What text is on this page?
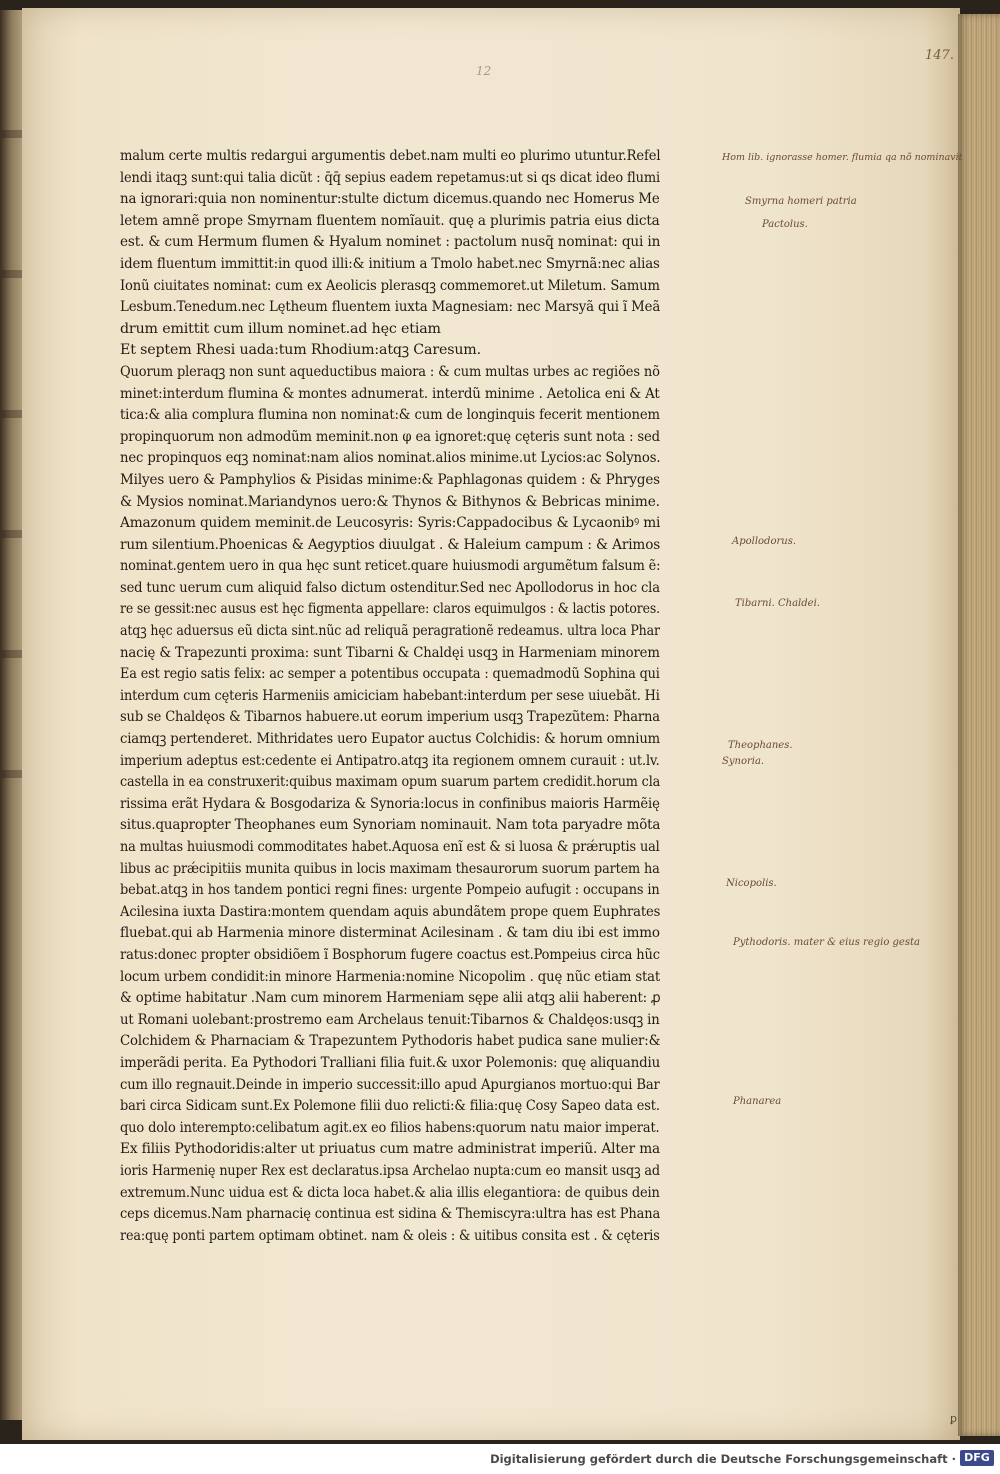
147.
12
malum certe multis redargui argumentis debet.nam multi eo plurimo utuntur.Refel
lendi itaqꝫ sunt:qui talia dicũt : q̄q̄ sepius eadem repetamus:ut si qs dicat ideo flumi
na ignorari:quia non nominentur:stulte dictum dicemus.quando nec Homerus Me
letem amnẽ prope Smyrnam fluentem nomĩauit. quę a plurimis patria eius dicta
est. & cum Hermum flumen & Hyalum nominet : pactolum nusq̄ nominat: qui in
idem fluentum immittit:in quod illi:& initium a Tmolo habet.nec Smyrnã:nec alias
Ionũ ciuitates nominat: cum ex Aeolicis plerasqꝫ commemoret.ut Miletum. Samum
Lesbum.Tenedum.nec Lętheum fluentem iuxta Magnesiam: nec Marsyã qui ĩ Meã
drum emittit cum illum nominet.ad hęc etiam
Et septem Rhesi uada:tum Rhodium:atqꝫ Caresum.
Quorum pleraqꝫ non sunt aqueductibus maiora : & cum multas urbes ac regiões nõ
minet:interdum flumina & montes adnumerat. interdũ minime . Aetolica eni & At
tica:& alia complura flumina non nominat:& cum de longinquis fecerit mentionem
propinquorum non admodũm meminit.non φ ea ignoret:quę cęteris sunt nota : sed
nec propinquos eqꝫ nominat:nam alios nominat.alios minime.ut Lycios:ac Solynos.
Milyes uero & Pamphylios & Pisidas minime:& Paphlagonas quidem : & Phryges
& Mysios nominat.Mariandynos uero:& Thynos & Bithynos & Bebricas minime.
Amazonum quidem meminit.de Leucosyris: Syris:Cappadocibus & Lycaonibꝰ mi
rum silentium.Phoenicas & Aegyptios diuulgat . & Haleium campum : & Arimos
nominat.gentem uero in qua hęc sunt reticet.quare huiusmodi argumẽtum falsum ẽ:
sed tunc uerum cum aliquid falso dictum ostenditur.Sed nec Apollodorus in hoc cla
re se gessit:nec ausus est hęc figmenta appellare: claros equimulgos : & lactis potores.
atqꝫ hęc aduersus eũ dicta sint.nũc ad reliquã peragrationẽ redeamus. ultra loca Phar
nacię & Trapezunti proxima: sunt Tibarni & Chaldęi usqꝫ in Harmeniam minorem
Ea est regio satis felix: ac semper a potentibus occupata : quemadmodũ Sophina qui
interdum cum cęteris Harmeniis amiciciam habebant:interdum per sese uiuebãt. Hi
sub se Chaldęos & Tibarnos habuere.ut eorum imperium usqꝫ Trapezũtem: Pharna
ciamqꝫ pertenderet. Mithridates uero Eupator auctus Colchidis: & horum omnium
imperium adeptus est:cedente ei Antipatro.atqꝫ ita regionem omnem curauit : ut.lv.
castella in ea construxerit:quibus maximam opum suarum partem credidit.horum cla
rissima erãt Hydara & Bosgodariza & Synoria:locus in confinibus maioris Harmẽię
situs.quapropter Theophanes eum Synoriam nominauit. Nam tota paryadre mõta
na multas huiusmodi commoditates habet.Aquosa enĩ est & si luosa & prǽruptis ual
libus ac prǽcipitiis munita quibus in locis maximam thesaurorum suorum partem ha
bebat.atqꝫ in hos tandem pontici regni fines: urgente Pompeio aufugit : occupans in
Acilesina iuxta Dastira:montem quendam aquis abundãtem prope quem Euphrates
fluebat.qui ab Harmenia minore disterminat Acilesinam . & tam diu ibi est immo
ratus:donec propter obsidiõem ĩ Bosphorum fugere coactus est.Pompeius circa hũc
locum urbem condidit:in minore Harmenia:nomine Nicopolim . quę nũc etiam stat
& optime habitatur .Nam cum minorem Harmeniam sępe alii atqꝫ alii haberent: ꝓ
ut Romani uolebant:prostremo eam Archelaus tenuit:Tibarnos & Chaldęos:usqꝫ in
Colchidem & Pharnaciam & Trapezuntem Pythodoris habet pudica sane mulier:&
imperãdi perita. Ea Pythodori Tralliani filia fuit.& uxor Polemonis: quę aliquandiu
cum illo regnauit.Deinde in imperio successit:illo apud Apurgianos mortuo:qui Bar
bari circa Sidicam sunt.Ex Polemone filii duo relicti:& filia:quę Cosy Sapeo data est.
quo dolo interempto:celibatum agit.ex eo filios habens:quorum natu maior imperat.
Ex filiis Pythodoridis:alter ut priuatus cum matre administrat imperiũ. Alter ma
ioris Harmenię nuper Rex est declaratus.ipsa Archelao nupta:cum eo mansit usqꝫ ad
extremum.Nunc uidua est & dicta loca habet.& alia illis elegantiora: de quibus dein
ceps dicemus.Nam pharnacię continua est sidina & Themiscyra:ultra has est Phana
rea:quę ponti partem optimam obtinet. nam & oleis : & uitibus consita est . & cęteris
Hom lib. ignorasse homer. flumia qa nõ nominavit
Smyrna homeri patria
Pactolus.
Apollodorus.
Tibarni. Chaldei.
Theophanes.
Synoria.
Nicopolis.
Pythodoris. mater & eius regio gesta
Phanarea
ꝑ
Digitalisierung gefördert durch die Deutsche Forschungsgemeinschaft · DFG
